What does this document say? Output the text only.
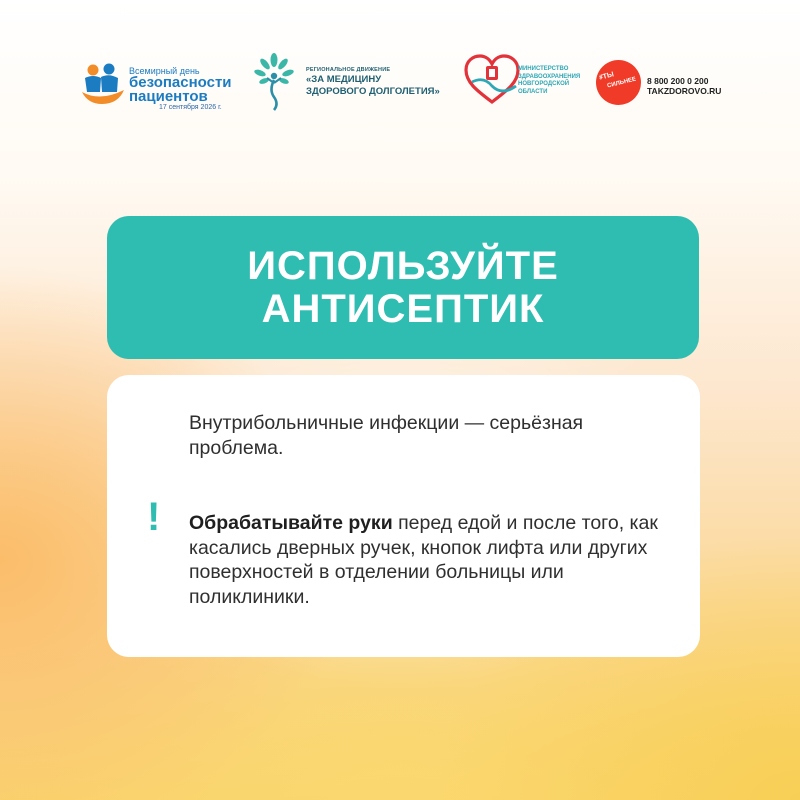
Всемирный день
безопасности
пациентов
17 сентября 2026 г.
РЕГИОНАЛЬНОЕ ДВИЖЕНИЕ
«ЗА МЕДИЦИНУ
ЗДОРОВОГО ДОЛГОЛЕТИЯ»
МИНИСТЕРСТВО
ЗДРАВООХРАНЕНИЯ
НОВГОРОДСКОЙ
ОБЛАСТИ
#ТЫ
СИЛЬНЕЕ 8 800 200 0 200
TAKZDOROVO.RU
ИСПОЛЬЗУЙТЕ
АНТИСЕПТИК
Внутрибольничные инфекции — серьёзная проблема.
!	Обрабатывайте руки перед едой и после того, как касались дверных ручек, кнопок лифта или других поверхностей в отделении больницы или поликлиники.
